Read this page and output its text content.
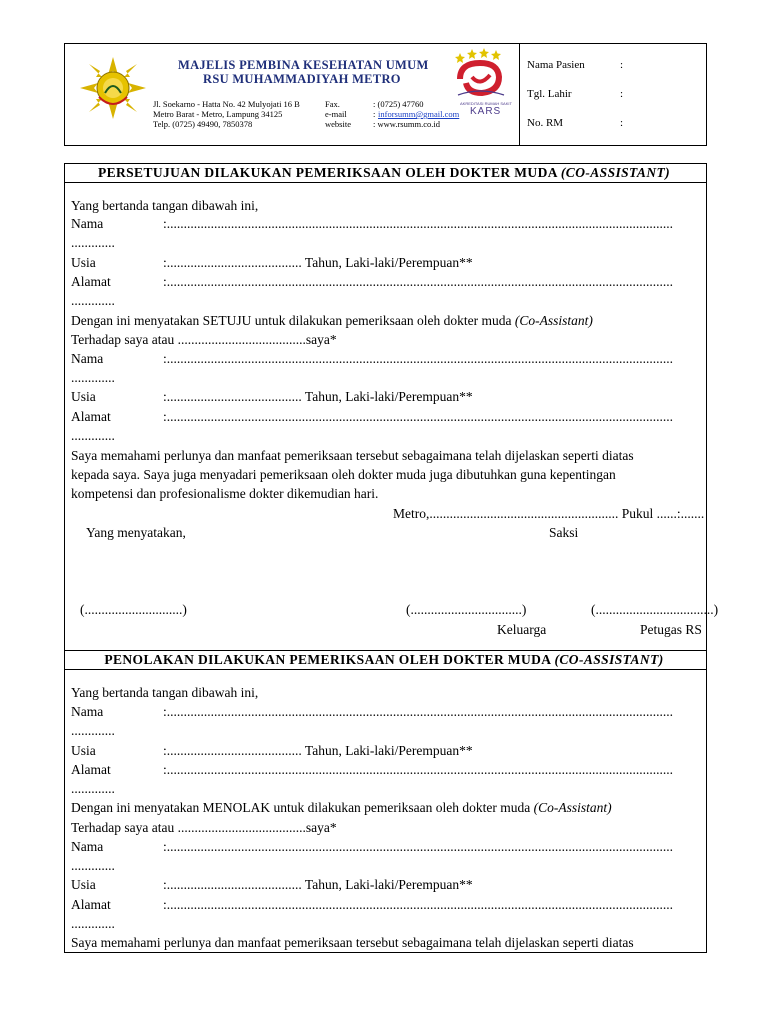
MAJELIS PEMBINA KESEHATAN UMUM
RSU MUHAMMADIYAH METRO
Jl. Soekarno - Hatta No. 42 Mulyojati 16 B
Metro Barat - Metro, Lampung 34125
Telp. (0725) 49490, 7850378
Fax.	: (0725) 47760
e-mail	: inforsumm@gmail.com
website	: www.rsumm.co.id
AKREDITASI RUMAH SAKIT
KARS
Nama Pasien	:
Tgl. Lahir	:
No. RM	:
PERSETUJUAN DILAKUKAN PEMERIKSAAN OLEH DOKTER MUDA (CO-ASSISTANT)
Yang bertanda tangan dibawah ini,
Nama	:......................................................................................................................................................
.............
Usia	:........................................ Tahun, Laki-laki/Perempuan**
Alamat	:......................................................................................................................................................
.............
Dengan ini menyatakan SETUJU untuk dilakukan pemeriksaan oleh dokter muda (Co-Assistant)
Terhadap saya atau ......................................saya*
Nama	:......................................................................................................................................................
.............
Usia	:........................................ Tahun, Laki-laki/Perempuan**
Alamat	:......................................................................................................................................................
.............
Saya memahami perlunya dan manfaat pemeriksaan tersebut sebagaimana telah dijelaskan seperti diatas
kepada saya. Saya juga menyadari pemeriksaan oleh dokter muda juga dibutuhkan guna kepentingan
kompetensi dan profesionalisme dokter dikemudian hari.
Metro,........................................................ Pukul ......:.......
Yang menyatakan,	Saksi
(.............................)	(.................................)	(...................................)
Keluarga	Petugas RS
PENOLAKAN DILAKUKAN PEMERIKSAAN OLEH DOKTER MUDA (CO-ASSISTANT)
Yang bertanda tangan dibawah ini,
Nama	:......................................................................................................................................................
.............
Usia	:........................................ Tahun, Laki-laki/Perempuan**
Alamat	:......................................................................................................................................................
.............
Dengan ini menyatakan MENOLAK untuk dilakukan pemeriksaan oleh dokter muda (Co-Assistant)
Terhadap saya atau ......................................saya*
Nama	:......................................................................................................................................................
.............
Usia	:........................................ Tahun, Laki-laki/Perempuan**
Alamat	:......................................................................................................................................................
.............
Saya memahami perlunya dan manfaat pemeriksaan tersebut sebagaimana telah dijelaskan seperti diatas
